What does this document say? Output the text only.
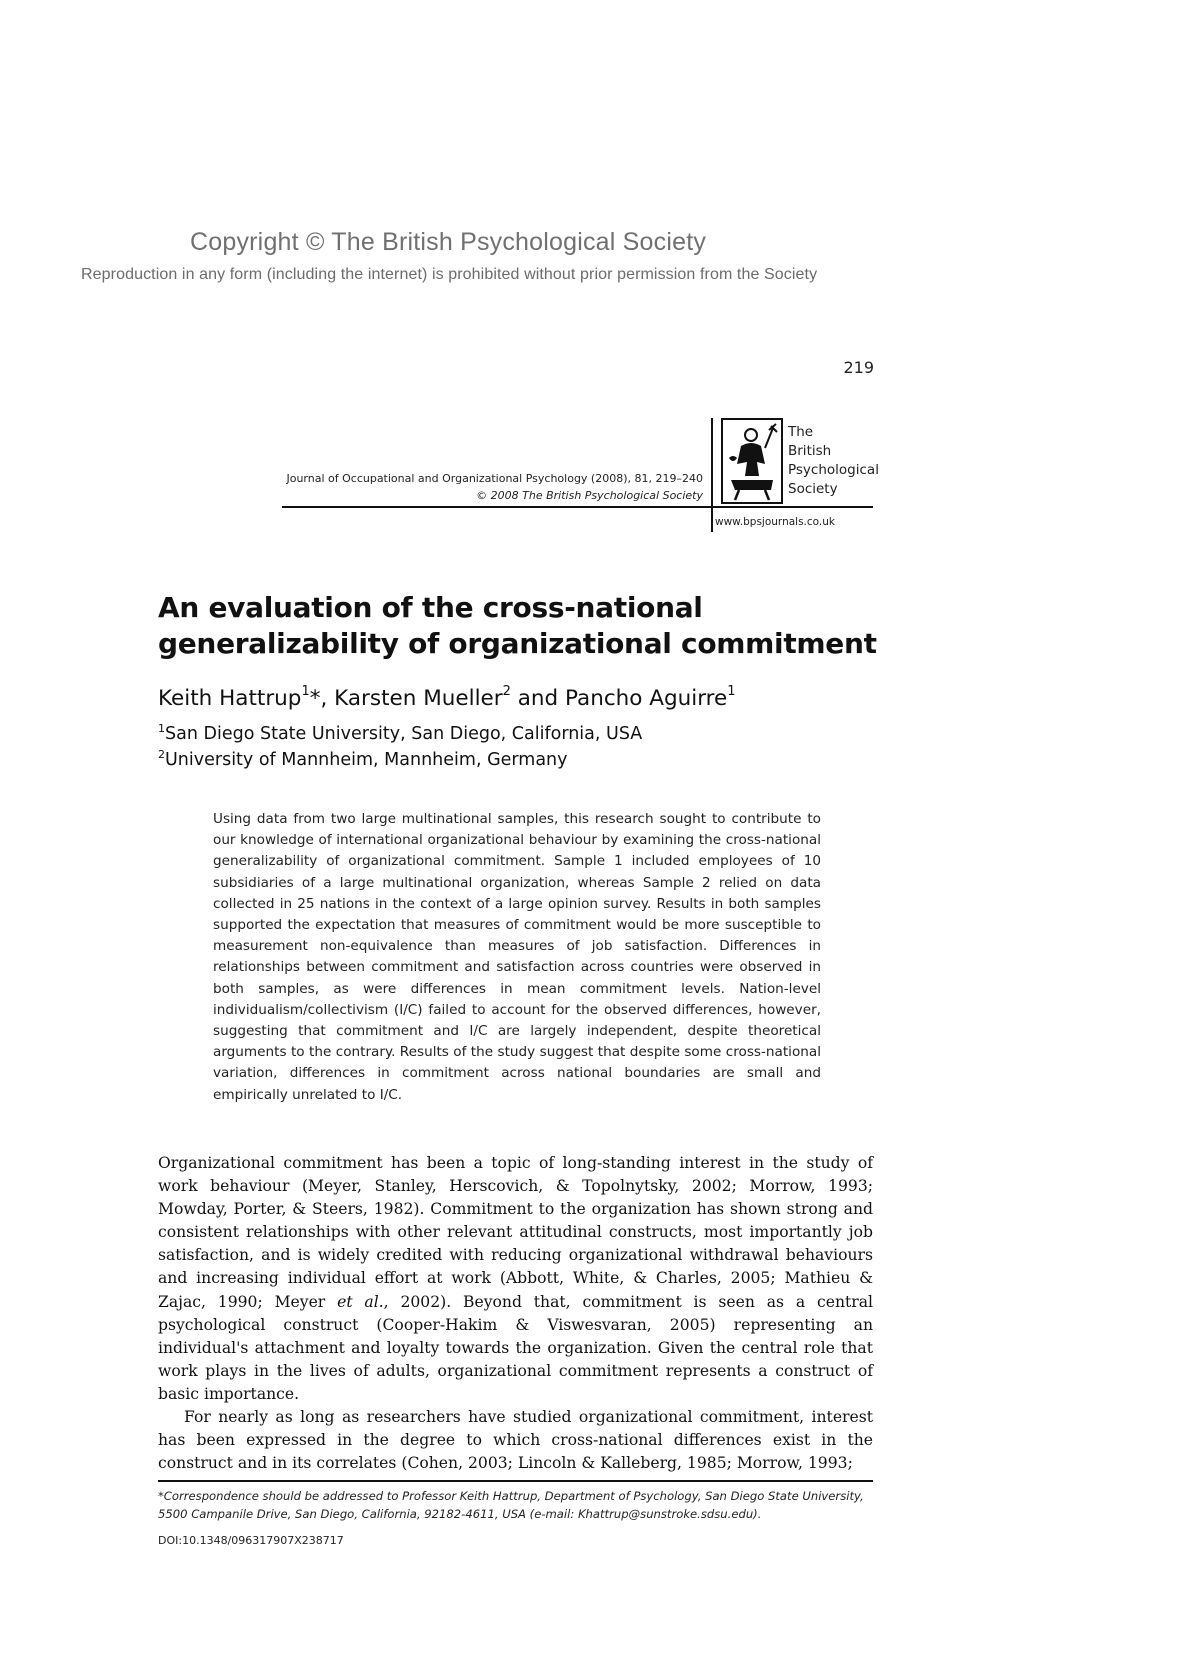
Copyright © The British Psychological Society
Reproduction in any form (including the internet) is prohibited without prior permission from the Society
219
Journal of Occupational and Organizational Psychology (2008), 81, 219–240
© 2008 The British Psychological Society
The
British
Psychological
Society
www.bpsjournals.co.uk
An evaluation of the cross-national
generalizability of organizational commitment
Keith Hattrup$^1$*, Karsten Mueller$^2$ and Pancho Aguirre$^1$
$^1$San Diego State University, San Diego, California, USA
$^2$University of Mannheim, Mannheim, Germany
Using data from two large multinational samples, this research sought to contribute to our knowledge of international organizational behaviour by examining the cross-national generalizability of organizational commitment. Sample 1 included employees of 10 subsidiaries of a large multinational organization, whereas Sample 2 relied on data collected in 25 nations in the context of a large opinion survey. Results in both samples supported the expectation that measures of commitment would be more susceptible to measurement non-equivalence than measures of job satisfaction. Differences in relationships between commitment and satisfaction across countries were observed in both samples, as were differences in mean commitment levels. Nation-level individualism/collectivism (I/C) failed to account for the observed differences, however, suggesting that commitment and I/C are largely independent, despite theoretical arguments to the contrary. Results of the study suggest that despite some cross-national variation, differences in commitment across national boundaries are small and empirically unrelated to I/C.

Organizational commitment has been a topic of long-standing interest in the study of work behaviour (Meyer, Stanley, Herscovich, & Topolnytsky, 2002; Morrow, 1993; Mowday, Porter, & Steers, 1982). Commitment to the organization has shown strong and consistent relationships with other relevant attitudinal constructs, most importantly job satisfaction, and is widely credited with reducing organizational withdrawal behaviours and increasing individual effort at work (Abbott, White, & Charles, 2005; Mathieu & Zajac, 1990; Meyer et al., 2002). Beyond that, commitment is seen as a central psychological construct (Cooper-Hakim & Viswesvaran, 2005) representing an individual's attachment and loyalty towards the organization. Given the central role that work plays in the lives of adults, organizational commitment represents a construct of basic importance.

For nearly as long as researchers have studied organizational commitment, interest has been expressed in the degree to which cross-national differences exist in the construct and in its correlates (Cohen, 2003; Lincoln & Kalleberg, 1985; Morrow, 1993;

*Correspondence should be addressed to Professor Keith Hattrup, Department of Psychology, San Diego State University, 5500 Campanile Drive, San Diego, California, 92182-4611, USA (e-mail: Khattrup@sunstroke.sdsu.edu).
DOI:10.1348/096317907X238717
